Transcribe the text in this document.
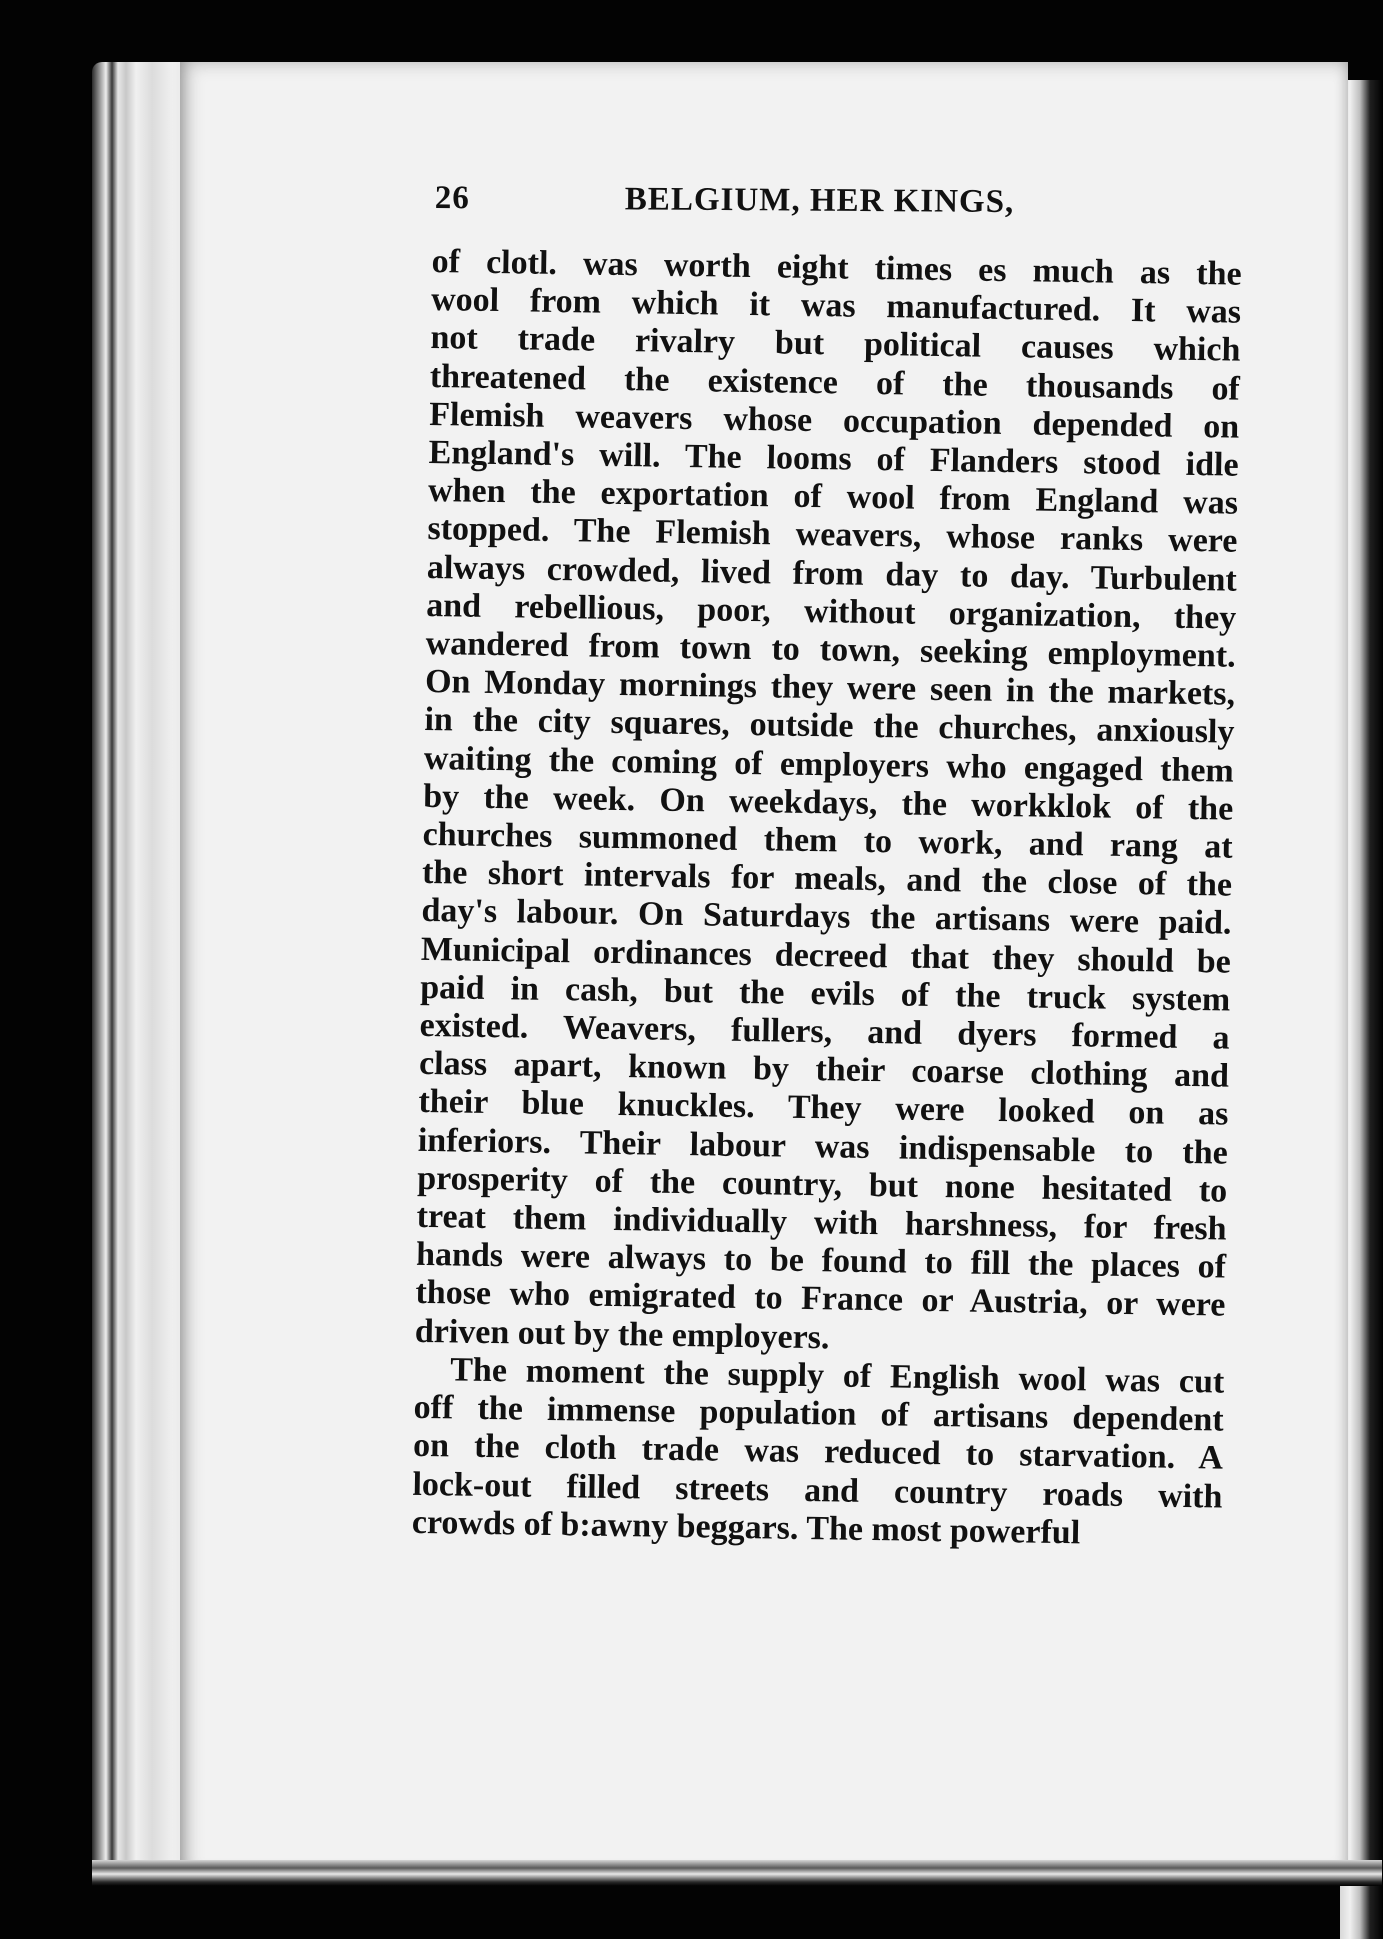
26	BELGIUM, HER KINGS,
of clotl. was worth eight times es much as the
wool from which it was manufactured. It was
not trade rivalry but political causes which
threatened the existence of the thousands of
Flemish weavers whose occupation depended on
England's will. The looms of Flanders stood idle
when the exportation of wool from England was
stopped. The Flemish weavers, whose ranks were
always crowded, lived from day to day. Turbulent
and rebellious, poor, without organization, they
wandered from town to town, seeking employment.
On Monday mornings they were seen in the markets,
in the city squares, outside the churches, anxiously
waiting the coming of employers who engaged them
by the week. On weekdays, the workklok of the
churches summoned them to work, and rang at
the short intervals for meals, and the close of the
day's labour. On Saturdays the artisans were paid.
Municipal ordinances decreed that they should be
paid in cash, but the evils of the truck system
existed. Weavers, fullers, and dyers formed a
class apart, known by their coarse clothing and
their blue knuckles. They were looked on as
inferiors. Their labour was indispensable to the
prosperity of the country, but none hesitated to
treat them individually with harshness, for fresh
hands were always to be found to fill the places of
those who emigrated to France or Austria, or were
driven out by the employers.
The moment the supply of English wool was cut
off the immense population of artisans dependent
on the cloth trade was reduced to starvation. A
lock-out filled streets and country roads with
crowds of b:awny beggars. The most powerful
